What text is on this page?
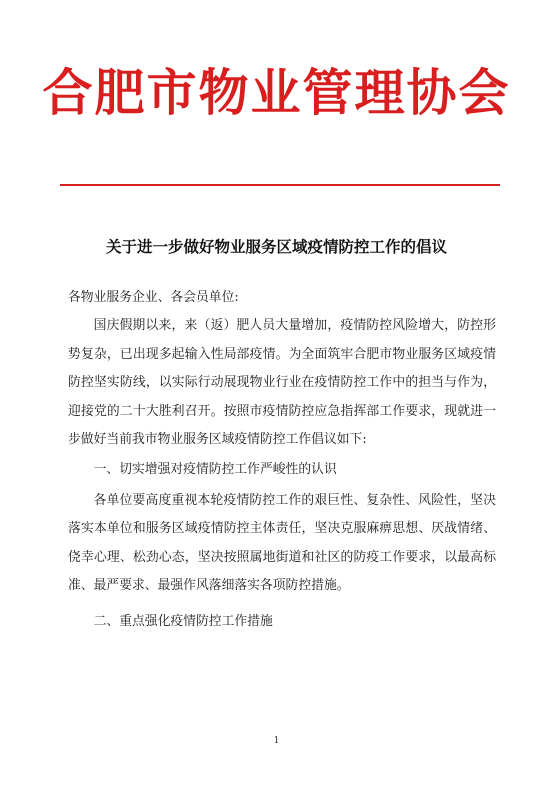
合肥市物业管理协会
关于进一步做好物业服务区域疫情防控工作的倡议

各物业服务企业、各会员单位:

国庆假期以来，来（返）肥人员大量增加，疫情防控风险增大，防控形势复杂，已出现多起输入性局部疫情。为全面筑牢合肥市物业服务区域疫情防控坚实防线，以实际行动展现物业行业在疫情防控工作中的担当与作为，迎接党的二十大胜利召开。按照市疫情防控应急指挥部工作要求，现就进一步做好当前我市物业服务区域疫情防控工作倡议如下:

一、切实增强对疫情防控工作严峻性的认识

各单位要高度重视本轮疫情防控工作的艰巨性、复杂性、风险性，坚决落实本单位和服务区域疫情防控主体责任，坚决克服麻痹思想、厌战情绪、侥幸心理、松劲心态，坚决按照属地街道和社区的防疫工作要求，以最高标准、最严要求、最强作风落细落实各项防控措施。

二、重点强化疫情防控工作措施

1
